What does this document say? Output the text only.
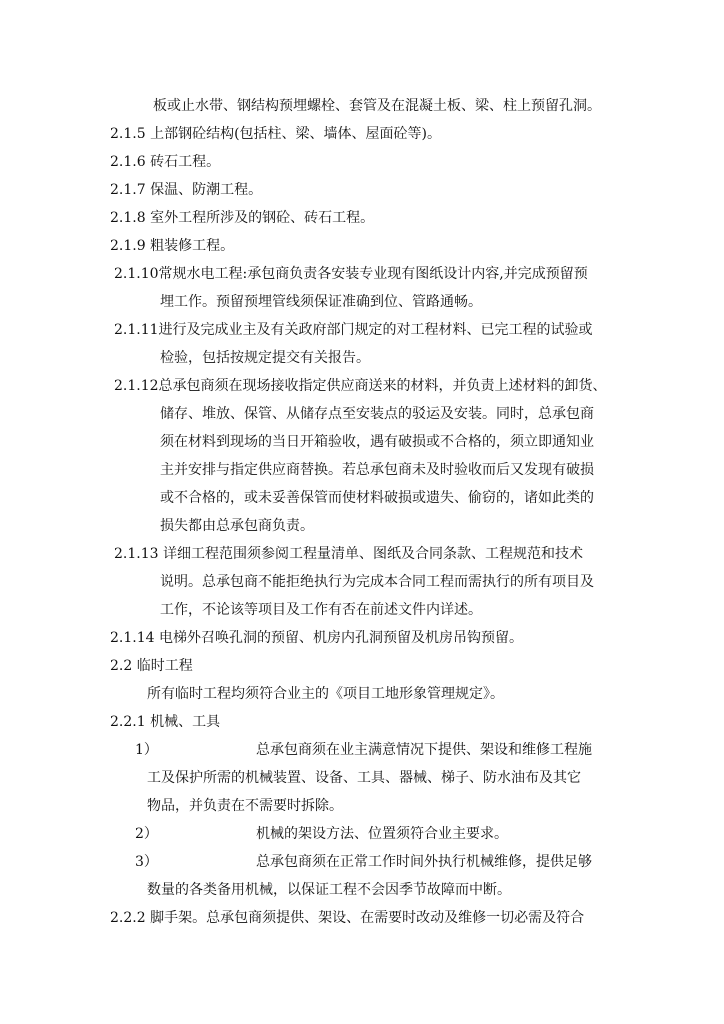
板或止水带、钢结构预埋螺栓、套管及在混凝土板、梁、柱上预留孔洞。
2.1.5 上部钢砼结构(包括柱、梁、墙体、屋面砼等)。
2.1.6 砖石工程。
2.1.7 保温、防潮工程。
2.1.8 室外工程所涉及的钢砼、砖石工程。
2.1.9 粗装修工程。
2.1.10常规水电工程:承包商负责各安装专业现有图纸设计内容,并完成预留预
埋工作。预留预埋管线须保证准确到位、管路通畅。
2.1.11进行及完成业主及有关政府部门规定的对工程材料、已完工程的试验或
检验，包括按规定提交有关报告。
2.1.12总承包商须在现场接收指定供应商送来的材料，并负责上述材料的卸货、
储存、堆放、保管、从储存点至安装点的驳运及安装。同时，总承包商
须在材料到现场的当日开箱验收，遇有破损或不合格的，须立即通知业
主并安排与指定供应商替换。若总承包商未及时验收而后又发现有破损
或不合格的，或未妥善保管而使材料破损或遗失、偷窃的，诸如此类的
损失都由总承包商负责。
2.1.13 详细工程范围须参阅工程量清单、图纸及合同条款、工程规范和技术
说明。总承包商不能拒绝执行为完成本合同工程而需执行的所有项目及
工作，不论该等项目及工作有否在前述文件内详述。
2.1.14 电梯外召唤孔洞的预留、机房内孔洞预留及机房吊钩预留。
2.2 临时工程
所有临时工程均须符合业主的《项目工地形象管理规定》。
2.2.1 机械、工具
1）	总承包商须在业主满意情况下提供、架设和维修工程施
工及保护所需的机械装置、设备、工具、器械、梯子、防水油布及其它
物品，并负责在不需要时拆除。
2）	机械的架设方法、位置须符合业主要求。
3）	总承包商须在正常工作时间外执行机械维修，提供足够
数量的各类备用机械，以保证工程不会因季节故障而中断。
2.2.2 脚手架。总承包商须提供、架设、在需要时改动及维修一切必需及符合
